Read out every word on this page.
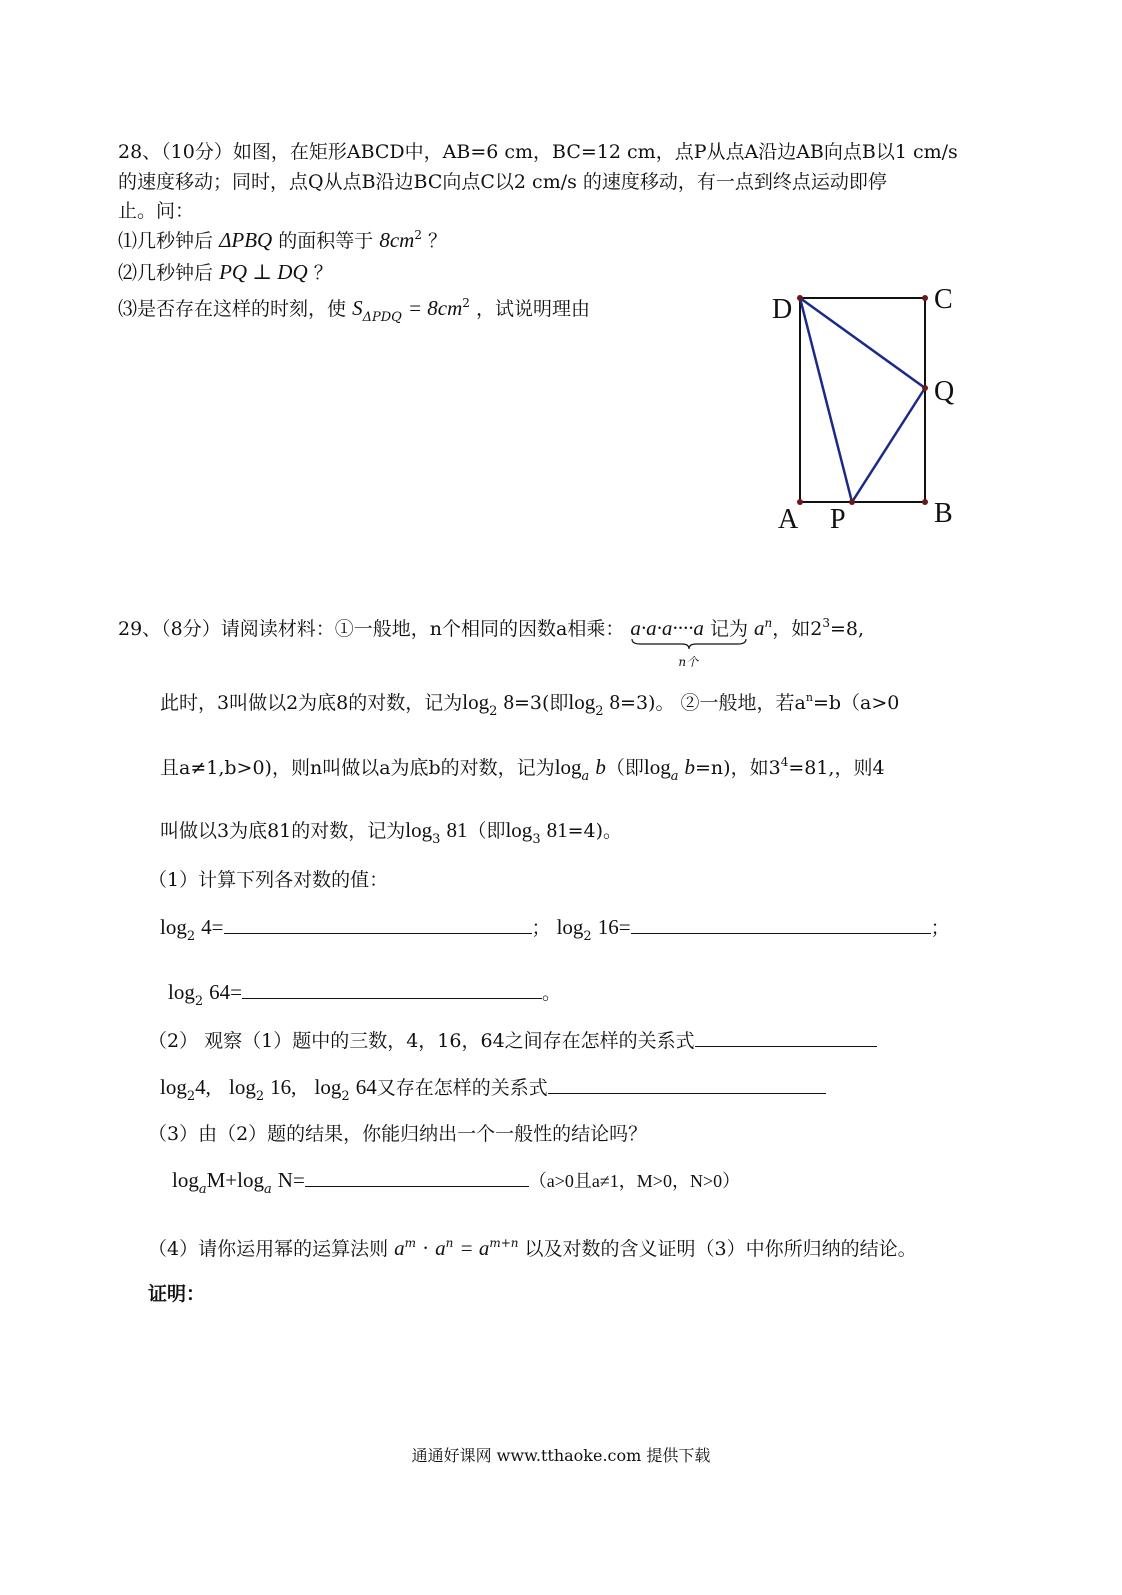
28、（10分）如图，在矩形ABCD中，AB=6 cm，BC=12 cm，点P从点A沿边AB向点B以1 cm/s
的速度移动；同时，点Q从点B沿边BC向点C以2 cm/s 的速度移动，有一点到终点运动即停
止。问：
⑴几秒钟后 ΔPBQ 的面积等于 $8cm^2$ ？
⑵几秒钟后 PQ ⊥ DQ ？
⑶是否存在这样的时刻，使 $S_{\Delta PDQ} = 8cm^2$ ，试说明理由	D	C
Q
A P	B
29、（8分）请阅读材料：①一般地，n个相同的因数a相乘： a·a·a····a
n个
记为 $a^n$，如$2^3=8$,
此时，3叫做以2为底8的对数，记为$\log_2 8=3$(即$\log_2 8=3$)。 ②一般地，若$a^n=b(a>0$
且a≠1,b>0)，则n叫做以a为底b的对数，记为$\log_a b$（即$\log_a b=n$)，如$3^4=81$,，则4
叫做以3为底81的对数，记为$\log_3 81$（即$\log_3 81=4$)。
（1）计算下列各对数的值：
$\log_2 4=$	； $\log_2 16=$	；
$\log_2 64=$	。
（2） 观察（1）题中的三数，4，16，64之间存在怎样的关系式
$\log_24$, $\log_2 16$, $\log_2 64$又存在怎样的关系式
（3）由（2）题的结果，你能归纳出一个一般性的结论吗？
$\log_aM+\log_a$ N=	（a>0且a≠1，M>0，N>0）
（4）请你运用幂的运算法则 $a^m \cdot a^n = a^{m+n}$ 以及对数的含义证明（3）中你所归纳的结论。
证明：
通通好课网 www.tthaoke.com 提供下载
